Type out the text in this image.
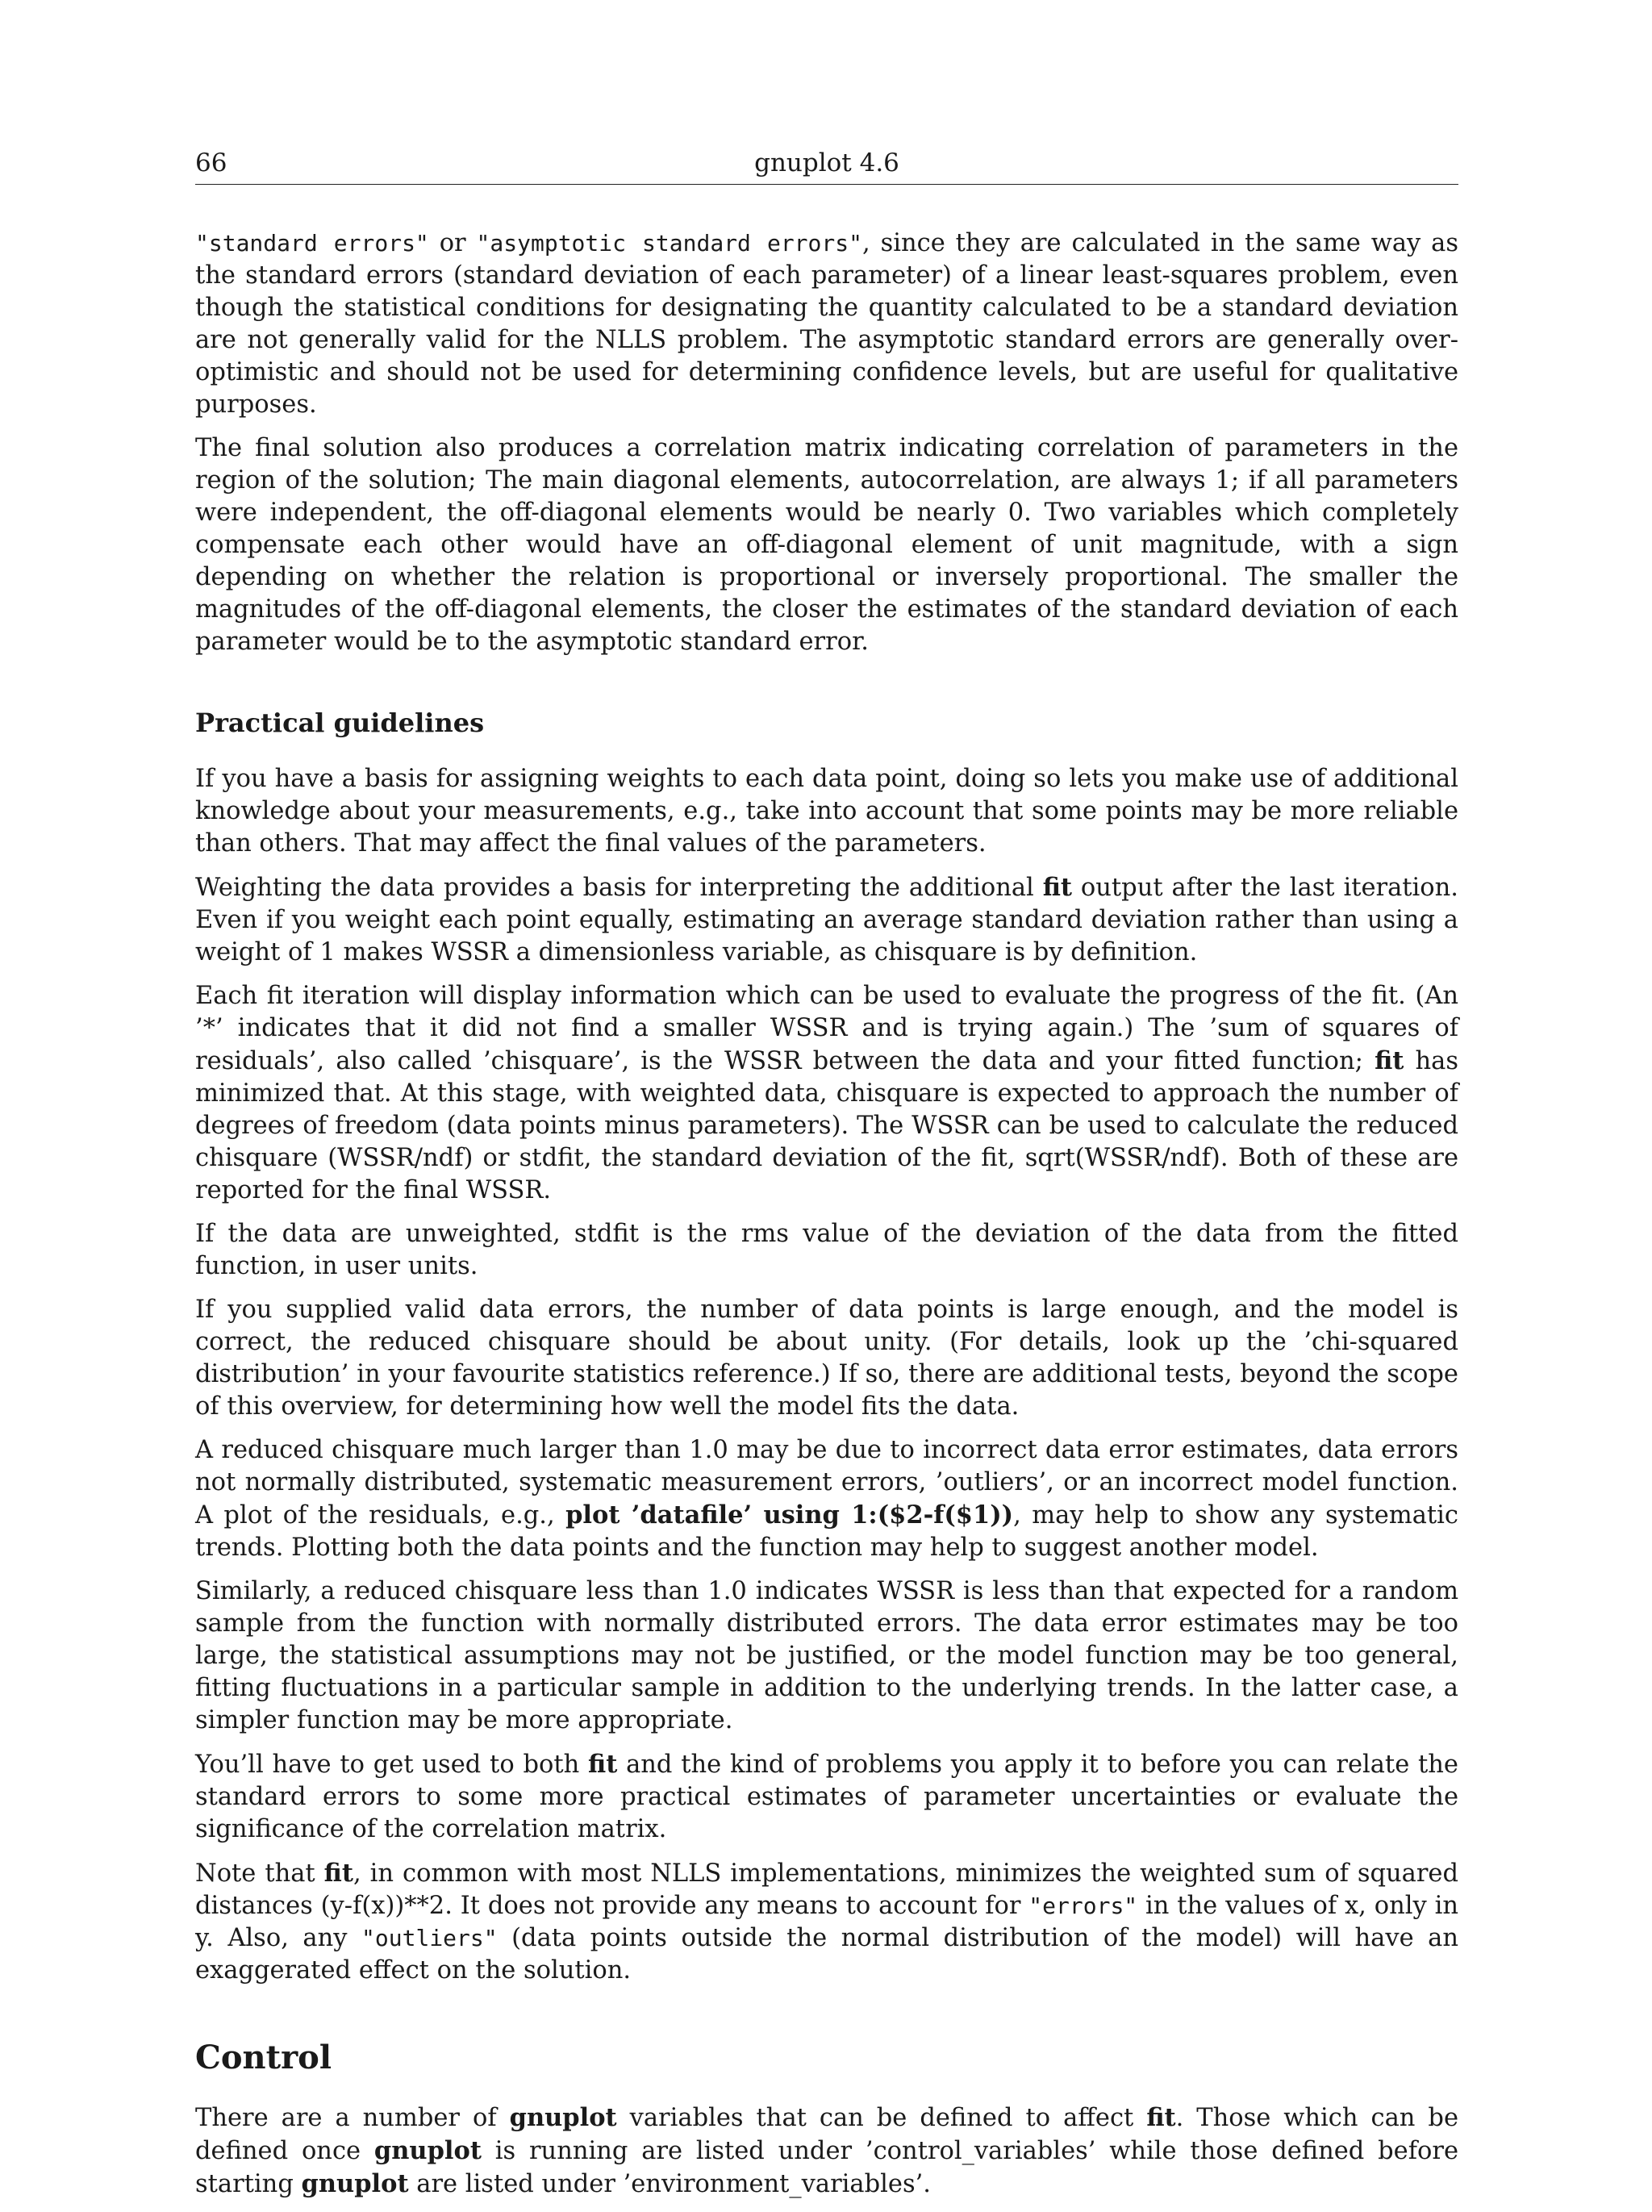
66	gnuplot 4.6

"standard errors" or "asymptotic standard errors", since they are calculated in the same way as the standard errors (standard deviation of each parameter) of a linear least-squares problem, even though the statistical conditions for designating the quantity calculated to be a standard deviation are not generally valid for the NLLS problem. The asymptotic standard errors are generally over-optimistic and should not be used for determining confidence levels, but are useful for qualitative purposes.

The final solution also produces a correlation matrix indicating correlation of parameters in the region of the solution; The main diagonal elements, autocorrelation, are always 1; if all parameters were independent, the off-diagonal elements would be nearly 0. Two variables which completely compensate each other would have an off-diagonal element of unit magnitude, with a sign depending on whether the relation is proportional or inversely proportional. The smaller the magnitudes of the off-diagonal elements, the closer the estimates of the standard deviation of each parameter would be to the asymptotic standard error.

Practical guidelines

If you have a basis for assigning weights to each data point, doing so lets you make use of additional knowledge about your measurements, e.g., take into account that some points may be more reliable than others. That may affect the final values of the parameters.

Weighting the data provides a basis for interpreting the additional fit output after the last iteration. Even if you weight each point equally, estimating an average standard deviation rather than using a weight of 1 makes WSSR a dimensionless variable, as chisquare is by definition.

Each fit iteration will display information which can be used to evaluate the progress of the fit. (An ’*’ indicates that it did not find a smaller WSSR and is trying again.) The ’sum of squares of residuals’, also called ’chisquare’, is the WSSR between the data and your fitted function; fit has minimized that. At this stage, with weighted data, chisquare is expected to approach the number of degrees of freedom (data points minus parameters). The WSSR can be used to calculate the reduced chisquare (WSSR/ndf) or stdfit, the standard deviation of the fit, sqrt(WSSR/ndf). Both of these are reported for the final WSSR.

If the data are unweighted, stdfit is the rms value of the deviation of the data from the fitted function, in user units.

If you supplied valid data errors, the number of data points is large enough, and the model is correct, the reduced chisquare should be about unity. (For details, look up the ’chi-squared distribution’ in your favourite statistics reference.) If so, there are additional tests, beyond the scope of this overview, for determining how well the model fits the data.

A reduced chisquare much larger than 1.0 may be due to incorrect data error estimates, data errors not normally distributed, systematic measurement errors, ’outliers’, or an incorrect model function. A plot of the residuals, e.g., plot ’datafile’ using 1:($2-f($1)), may help to show any systematic trends. Plotting both the data points and the function may help to suggest another model.

Similarly, a reduced chisquare less than 1.0 indicates WSSR is less than that expected for a random sample from the function with normally distributed errors. The data error estimates may be too large, the statistical assumptions may not be justified, or the model function may be too general, fitting fluctuations in a particular sample in addition to the underlying trends. In the latter case, a simpler function may be more appropriate.

You’ll have to get used to both fit and the kind of problems you apply it to before you can relate the standard errors to some more practical estimates of parameter uncertainties or evaluate the significance of the correlation matrix.

Note that fit, in common with most NLLS implementations, minimizes the weighted sum of squared distances (y-f(x))**2. It does not provide any means to account for "errors" in the values of x, only in y. Also, any "outliers" (data points outside the normal distribution of the model) will have an exaggerated effect on the solution.

Control

There are a number of gnuplot variables that can be defined to affect fit. Those which can be defined once gnuplot is running are listed under ’control_variables’ while those defined before starting gnuplot are listed under ’environment_variables’.
